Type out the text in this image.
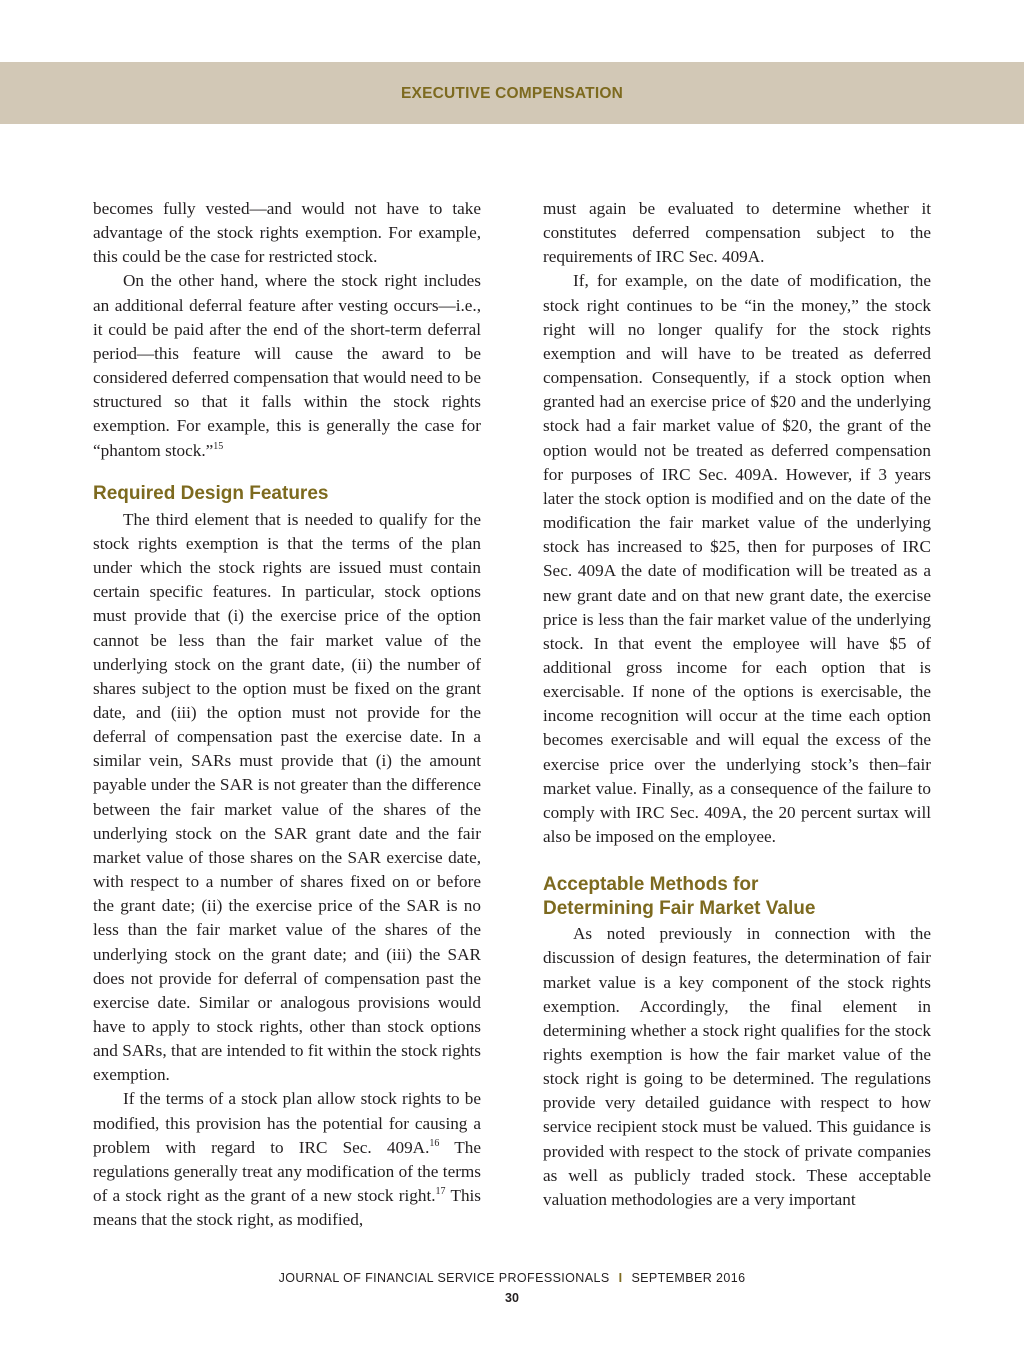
EXECUTIVE COMPENSATION

becomes fully vested—and would not have to take advantage of the stock rights exemption. For example, this could be the case for restricted stock.

On the other hand, where the stock right includes an additional deferral feature after vesting occurs—i.e., it could be paid after the end of the short-term deferral period—this feature will cause the award to be considered deferred compensation that would need to be structured so that it falls within the stock rights exemption. For example, this is generally the case for “phantom stock.”$^{15}$

Required Design Features

The third element that is needed to qualify for the stock rights exemption is that the terms of the plan under which the stock rights are issued must contain certain specific features. In particular, stock options must provide that (i) the exercise price of the option cannot be less than the fair market value of the underlying stock on the grant date, (ii) the number of shares subject to the option must be fixed on the grant date, and (iii) the option must not provide for the deferral of compensation past the exercise date. In a similar vein, SARs must provide that (i) the amount payable under the SAR is not greater than the difference between the fair market value of the shares of the underlying stock on the SAR grant date and the fair market value of those shares on the SAR exercise date, with respect to a number of shares fixed on or before the grant date; (ii) the exercise price of the SAR is no less than the fair market value of the shares of the underlying stock on the grant date; and (iii) the SAR does not provide for deferral of compensation past the exercise date. Similar or analogous provisions would have to apply to stock rights, other than stock options and SARs, that are intended to fit within the stock rights exemption.

If the terms of a stock plan allow stock rights to be modified, this provision has the potential for causing a problem with regard to IRC Sec. 409A.$^{16}$ The regulations generally treat any modification of the terms of a stock right as the grant of a new stock right.$^{17}$ This means that the stock right, as modified,

must again be evaluated to determine whether it constitutes deferred compensation subject to the requirements of IRC Sec. 409A.

If, for example, on the date of modification, the stock right continues to be “in the money,” the stock right will no longer qualify for the stock rights exemption and will have to be treated as deferred compensation. Consequently, if a stock option when granted had an exercise price of $20 and the underlying stock had a fair market value of $20, the grant of the option would not be treated as deferred compensation for purposes of IRC Sec. 409A. However, if 3 years later the stock option is modified and on the date of the modification the fair market value of the underlying stock has increased to $25, then for purposes of IRC Sec. 409A the date of modification will be treated as a new grant date and on that new grant date, the exercise price is less than the fair market value of the underlying stock. In that event the employee will have $5 of additional gross income for each option that is exercisable. If none of the options is exercisable, the income recognition will occur at the time each option becomes exercisable and will equal the excess of the exercise price over the underlying stock’s then–fair market value. Finally, as a consequence of the failure to comply with IRC Sec. 409A, the 20 percent surtax will also be imposed on the employee.

Acceptable Methods for
Determining Fair Market Value

As noted previously in connection with the discussion of design features, the determination of fair market value is a key component of the stock rights exemption. Accordingly, the final element in determining whether a stock right qualifies for the stock rights exemption is how the fair market value of the stock right is going to be determined. The regulations provide very detailed guidance with respect to how service recipient stock must be valued. This guidance is provided with respect to the stock of private companies as well as publicly traded stock. These acceptable valuation methodologies are a very important

JOURNAL OF FINANCIAL SERVICE PROFESSIONALS I SEPTEMBER 2016
30
